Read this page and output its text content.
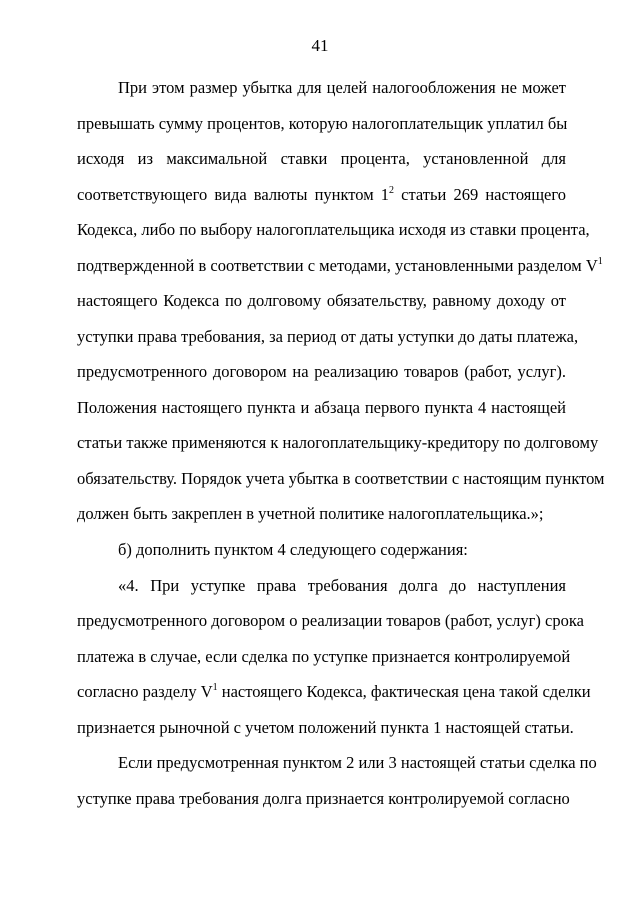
41
При этом размер убытка для целей налогообложения не может
превышать сумму процентов, которую налогоплательщик уплатил бы
исходя из максимальной ставки процента, установленной для
соответствующего вида валюты пунктом $1^2$ статьи 269 настоящего
Кодекса, либо по выбору налогоплательщика исходя из ставки процента,
подтвержденной в соответствии с методами, установленными разделом $V^1$
настоящего Кодекса по долговому обязательству, равному доходу от
уступки права требования, за период от даты уступки до даты платежа,
предусмотренного договором на реализацию товаров (работ, услуг).
Положения настоящего пункта и абзаца первого пункта 4 настоящей
статьи также применяются к налогоплательщику-кредитору по долговому
обязательству. Порядок учета убытка в соответствии с настоящим пунктом
должен быть закреплен в учетной политике налогоплательщика.»;
б) дополнить пунктом 4 следующего содержания:
«4. При уступке права требования долга до наступления
предусмотренного договором о реализации товаров (работ, услуг) срока
платежа в случае, если сделка по уступке признается контролируемой
согласно разделу $V^1$ настоящего Кодекса, фактическая цена такой сделки
признается рыночной с учетом положений пункта 1 настоящей статьи.
Если предусмотренная пунктом 2 или 3 настоящей статьи сделка по
уступке права требования долга признается контролируемой согласно
